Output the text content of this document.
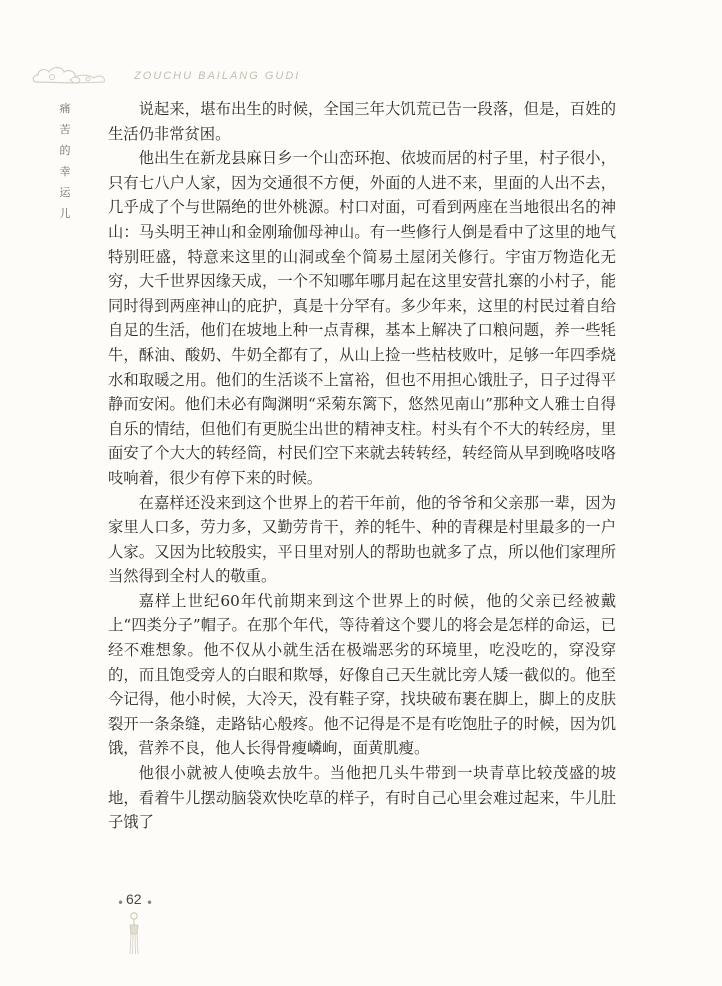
ZOUCHU BAILANG GUDI
痛
苦
的
幸
运
儿

说起来，堪布出生的时候，全国三年大饥荒已告一段落，但是，百姓的生活仍非常贫困。

他出生在新龙县麻日乡一个山峦环抱、依坡而居的村子里，村子很小，只有七八户人家，因为交通很不方便，外面的人进不来，里面的人出不去，几乎成了个与世隔绝的世外桃源。村口对面，可看到两座在当地很出名的神山：马头明王神山和金刚瑜伽母神山。有一些修行人倒是看中了这里的地气特别旺盛，特意来这里的山洞或垒个简易土屋闭关修行。宇宙万物造化无穷，大千世界因缘天成，一个不知哪年哪月起在这里安营扎寨的小村子，能同时得到两座神山的庇护，真是十分罕有。多少年来，这里的村民过着自给自足的生活，他们在坡地上种一点青稞，基本上解决了口粮问题，养一些牦牛，酥油、酸奶、牛奶全都有了，从山上捡一些枯枝败叶，足够一年四季烧水和取暖之用。他们的生活谈不上富裕，但也不用担心饿肚子，日子过得平静而安闲。他们未必有陶渊明“采菊东篱下，悠然见南山”那种文人雅士自得自乐的情结，但他们有更脱尘出世的精神支柱。村头有个不大的转经房，里面安了个大大的转经筒，村民们空下来就去转转经，转经筒从早到晚咯吱咯吱响着，很少有停下来的时候。

在嘉样还没来到这个世界上的若干年前，他的爷爷和父亲那一辈，因为家里人口多，劳力多，又勤劳肯干，养的牦牛、种的青稞是村里最多的一户人家。又因为比较殷实，平日里对别人的帮助也就多了点，所以他们家理所当然得到全村人的敬重。

嘉样上世纪60年代前期来到这个世界上的时候，他的父亲已经被戴上“四类分子”帽子。在那个年代，等待着这个婴儿的将会是怎样的命运，已经不难想象。他不仅从小就生活在极端恶劣的环境里，吃没吃的，穿没穿的，而且饱受旁人的白眼和欺辱，好像自己天生就比旁人矮一截似的。他至今记得，他小时候，大冷天，没有鞋子穿，找块破布裹在脚上，脚上的皮肤裂开一条条缝，走路钻心般疼。他不记得是不是有吃饱肚子的时候，因为饥饿，营养不良，他人长得骨瘦嶙峋，面黄肌瘦。

他很小就被人使唤去放牛。当他把几头牛带到一块青草比较茂盛的坡地，看着牛儿摆动脑袋欢快吃草的样子，有时自己心里会难过起来，牛儿肚子饿了

• 62 •
